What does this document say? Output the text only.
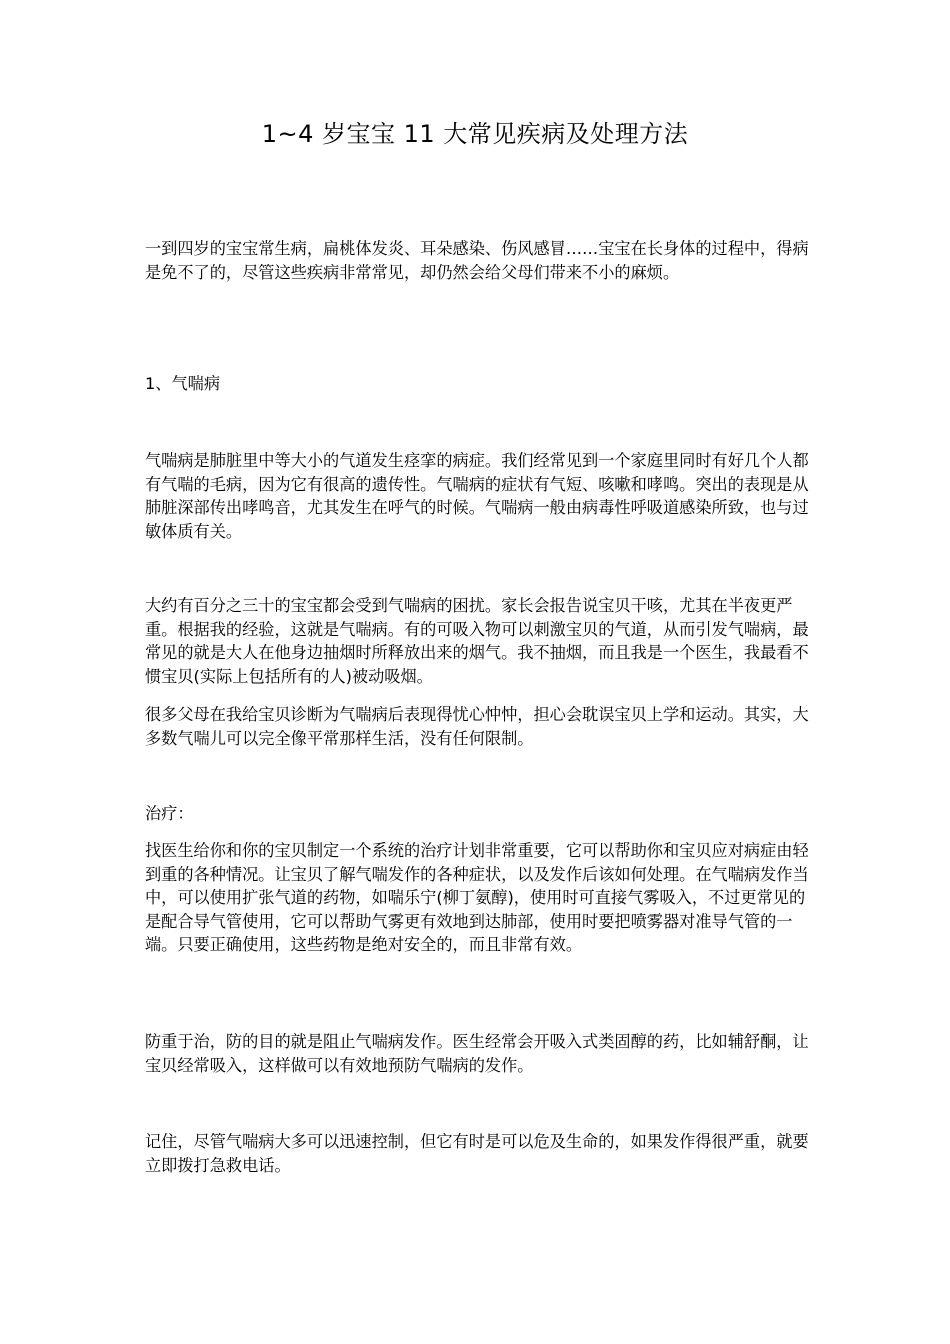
1~4 岁宝宝 11 大常见疾病及处理方法

一到四岁的宝宝常生病，扁桃体发炎、耳朵感染、伤风感冒……宝宝在长身体的过程中，得病是免不了的，尽管这些疾病非常常见，却仍然会给父母们带来不小的麻烦。

1、气喘病

气喘病是肺脏里中等大小的气道发生痉挛的病症。我们经常见到一个家庭里同时有好几个人都有气喘的毛病，因为它有很高的遗传性。气喘病的症状有气短、咳嗽和哮鸣。突出的表现是从肺脏深部传出哮鸣音，尤其发生在呼气的时候。气喘病一般由病毒性呼吸道感染所致，也与过敏体质有关。

大约有百分之三十的宝宝都会受到气喘病的困扰。家长会报告说宝贝干咳，尤其在半夜更严重。根据我的经验，这就是气喘病。有的可吸入物可以刺激宝贝的气道，从而引发气喘病，最常见的就是大人在他身边抽烟时所释放出来的烟气。我不抽烟，而且我是一个医生，我最看不惯宝贝(实际上包括所有的人)被动吸烟。

很多父母在我给宝贝诊断为气喘病后表现得忧心忡忡，担心会耽误宝贝上学和运动。其实，大多数气喘儿可以完全像平常那样生活，没有任何限制。

治疗：

找医生给你和你的宝贝制定一个系统的治疗计划非常重要，它可以帮助你和宝贝应对病症由轻到重的各种情况。让宝贝了解气喘发作的各种症状，以及发作后该如何处理。在气喘病发作当中，可以使用扩张气道的药物，如喘乐宁(柳丁氨醇)，使用时可直接气雾吸入，不过更常见的是配合导气管使用，它可以帮助气雾更有效地到达肺部，使用时要把喷雾器对准导气管的一端。只要正确使用，这些药物是绝对安全的，而且非常有效。

防重于治，防的目的就是阻止气喘病发作。医生经常会开吸入式类固醇的药，比如辅舒酮，让宝贝经常吸入，这样做可以有效地预防气喘病的发作。

记住，尽管气喘病大多可以迅速控制，但它有时是可以危及生命的，如果发作得很严重，就要立即拨打急救电话。
